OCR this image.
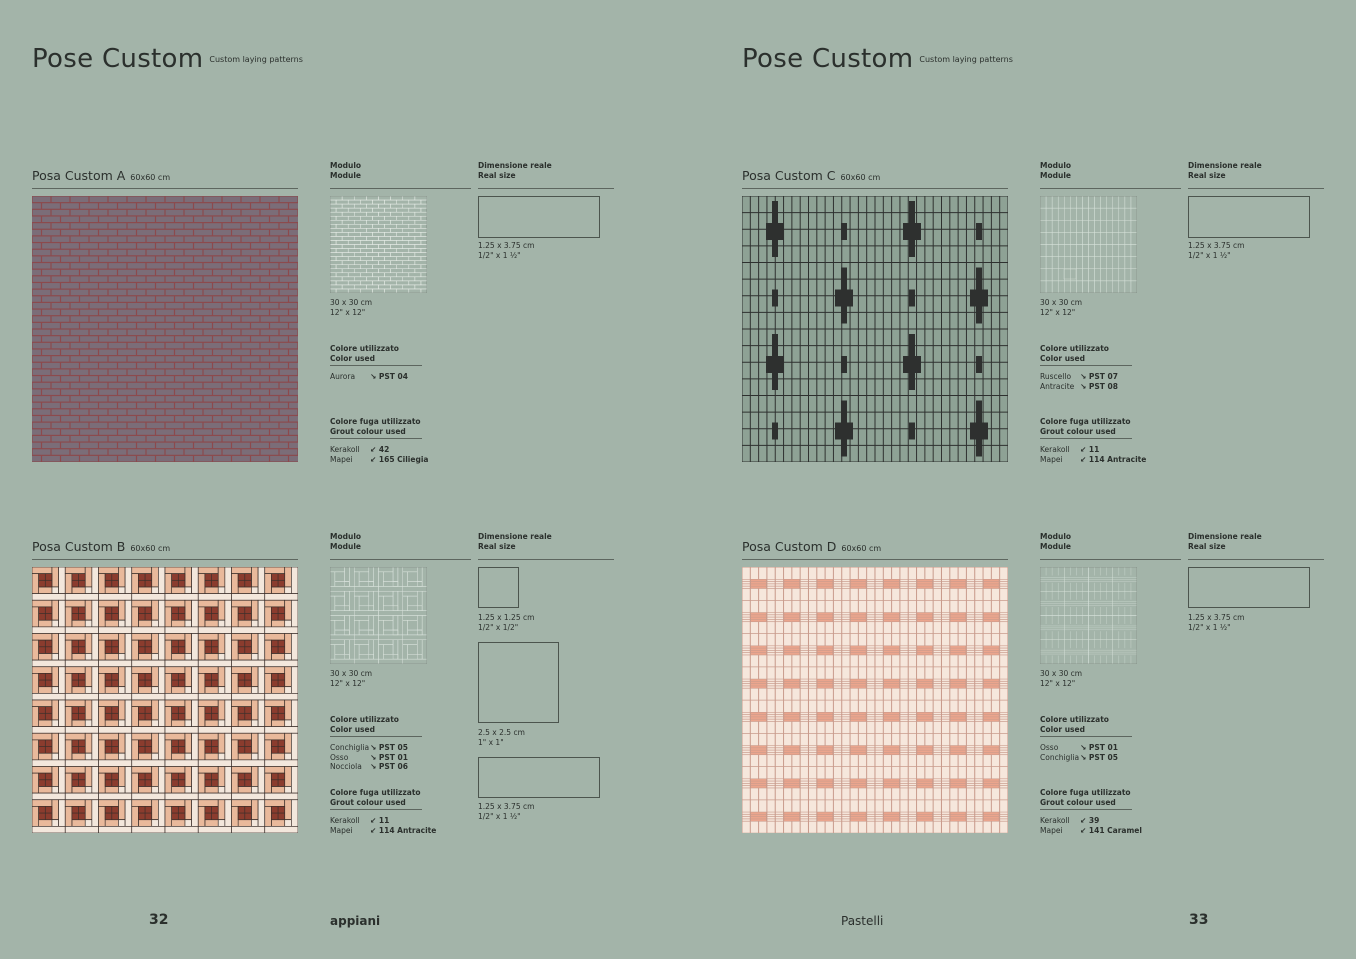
Pose Custom Custom laying patterns	Pose Custom Custom laying patterns
Posa Custom A 60x60 cm
Modulo
Module
Dimensione reale
Real size
30 x 30 cm
12" x 12"
1.25 x 3.75 cm
1/2" x 1 ½"
Colore utilizzato
Color used
Aurora ↘ PST 04
Colore fuga utilizzato
Grout colour used
Kerakoll ↙ 42
Mapei ↙ 165 Ciliegia
Posa Custom B 60x60 cm
Modulo
Module
Dimensione reale
Real size
30 x 30 cm
12" x 12"
1.25 x 1.25 cm
1/2" x 1/2"
2.5 x 2.5 cm
1" x 1"
1.25 x 3.75 cm
1/2" x 1 ½"
Colore utilizzato
Color used
Conchiglia↘ PST 05
Osso	↘ PST 01
Nocciola ↘ PST 06
Colore fuga utilizzato
Grout colour used
Kerakoll ↙ 11
Mapei ↙ 114 Antracite
Posa Custom C 60x60 cm
Modulo
Module
Dimensione reale
Real size
30 x 30 cm
12" x 12"
1.25 x 3.75 cm
1/2" x 1 ½"
Colore utilizzato
Color used
Ruscello ↘ PST 07
Antracite ↘ PST 08
Colore fuga utilizzato
Grout colour used
Kerakoll ↙ 11
Mapei ↙ 114 Antracite
Posa Custom D 60x60 cm
Modulo
Module
Dimensione reale
Real size
30 x 30 cm
12" x 12"
1.25 x 3.75 cm
1/2" x 1 ½"
Colore utilizzato
Color used
Osso	↘ PST 01
Conchiglia↘ PST 05
Colore fuga utilizzato
Grout colour used
Kerakoll ↙ 39
Mapei ↙ 141 Caramel
32	appiani	Pastelli	33
